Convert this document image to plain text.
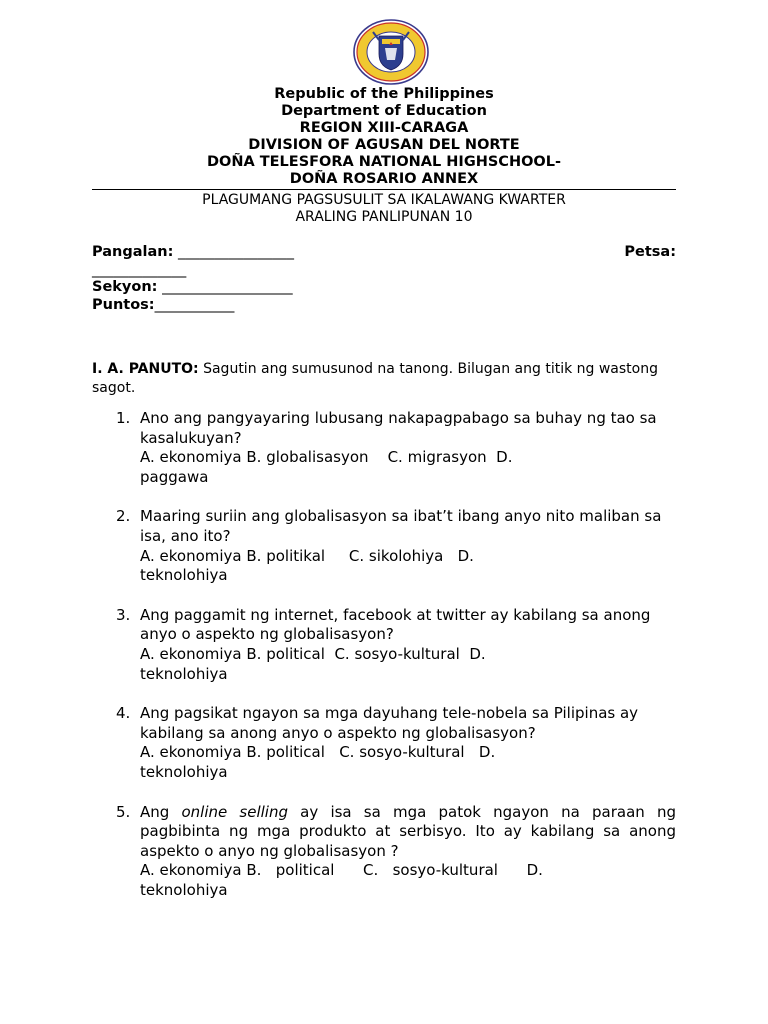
Republic of the Philippines
Department of Education
REGION XIII-CARAGA
DIVISION OF AGUSAN DEL NORTE
DOÑA TELESFORA NATIONAL HIGHSCHOOL-
DOÑA ROSARIO ANNEX
PLAGUMANG PAGSUSULIT SA IKALAWANG KWARTER
ARALING PANLIPUNAN 10
Pangalan: ________________	Petsa:
_____________
Sekyon: __________________
Puntos:___________
I. A. PANUTO: Sagutin ang sumusunod na tanong. Bilugan ang titik ng wastong sagot.
1. Ano ang pangyayaring lubusang nakapagpabago sa buhay ng tao sa kasalukuyan?
A. ekonomiya B. globalisasyon    C. migrasyon  D.
paggawa
2. Maaring suriin ang globalisasyon sa ibat’t ibang anyo nito maliban sa isa, ano ito?
A. ekonomiya B. politikal     C. sikolohiya   D.
teknolohiya
3. Ang paggamit ng internet, facebook at twitter ay kabilang sa anong anyo o aspekto ng globalisasyon?
A. ekonomiya B. political  C. sosyo-kultural  D.
teknolohiya
4. Ang pagsikat ngayon sa mga dayuhang tele-nobela sa Pilipinas ay kabilang sa anong anyo o aspekto ng globalisasyon?
A. ekonomiya B. political   C. sosyo-kultural   D.
teknolohiya
5. Ang online selling ay isa sa mga patok ngayon na paraan ng pagbibinta ng mga produkto at serbisyo. Ito ay kabilang sa anong aspekto o anyo ng globalisasyon ?
A. ekonomiya B.   political      C.   sosyo-kultural      D.
teknolohiya
